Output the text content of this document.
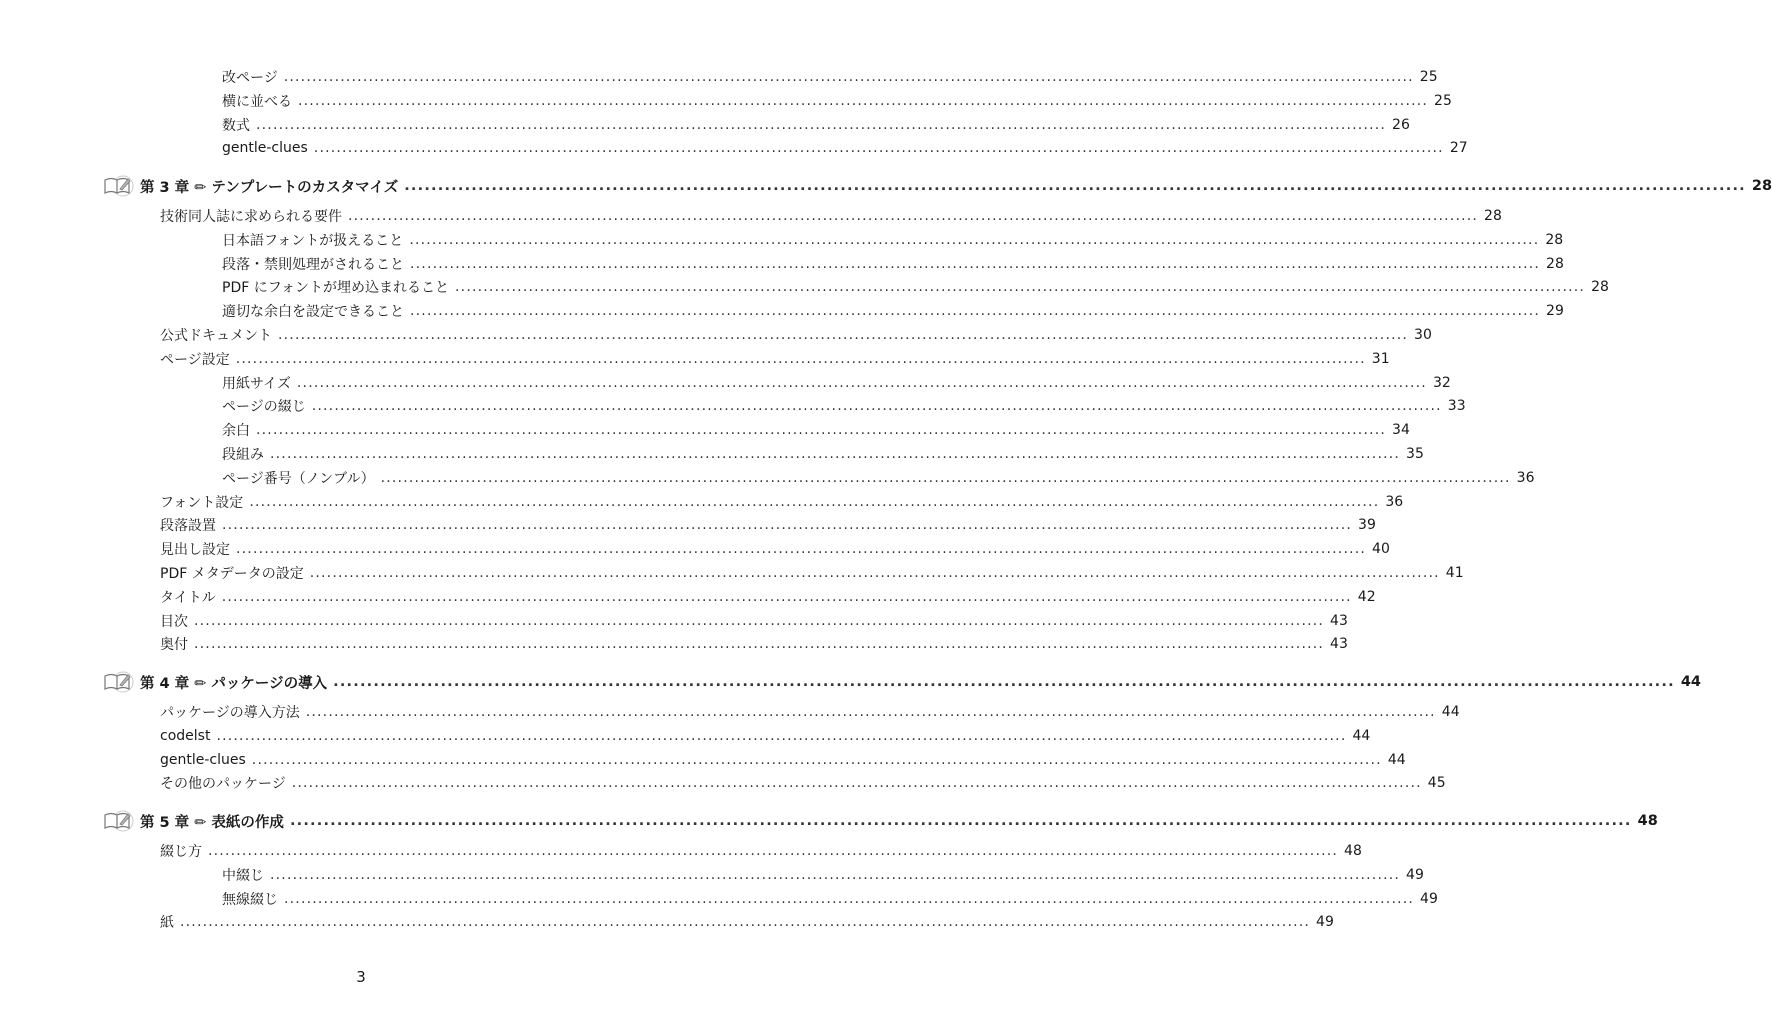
改ページ ........................................................................................................................................................................................................ 25
横に並べる ........................................................................................................................................................................................................ 25
数式 ........................................................................................................................................................................................................ 26
gentle-clues ........................................................................................................................................................................................................ 27
第 3 章 ✏ テンプレートのカスタマイズ ........................................................................................................................................................................................................ 28
技術同人誌に求められる要件 ........................................................................................................................................................................................................ 28
日本語フォントが扱えること ........................................................................................................................................................................................................ 28
段落・禁則処理がされること ........................................................................................................................................................................................................ 28
PDF にフォントが埋め込まれること ........................................................................................................................................................................................................ 28
適切な余白を設定できること ........................................................................................................................................................................................................ 29
公式ドキュメント ........................................................................................................................................................................................................ 30
ページ設定 ........................................................................................................................................................................................................ 31
用紙サイズ ........................................................................................................................................................................................................ 32
ページの綴じ ........................................................................................................................................................................................................ 33
余白 ........................................................................................................................................................................................................ 34
段組み ........................................................................................................................................................................................................ 35
ページ番号（ノンブル） ........................................................................................................................................................................................................ 36
フォント設定 ........................................................................................................................................................................................................ 36
段落設置 ........................................................................................................................................................................................................ 39
見出し設定 ........................................................................................................................................................................................................ 40
PDF メタデータの設定 ........................................................................................................................................................................................................ 41
タイトル ........................................................................................................................................................................................................ 42
目次 ........................................................................................................................................................................................................ 43
奥付 ........................................................................................................................................................................................................ 43
第 4 章 ✏ パッケージの導入 ........................................................................................................................................................................................................ 44
パッケージの導入方法 ........................................................................................................................................................................................................ 44
codelst ........................................................................................................................................................................................................ 44
gentle-clues ........................................................................................................................................................................................................ 44
その他のパッケージ ........................................................................................................................................................................................................ 45
第 5 章 ✏ 表紙の作成 ........................................................................................................................................................................................................ 48
綴じ方 ........................................................................................................................................................................................................ 48
中綴じ ........................................................................................................................................................................................................ 49
無線綴じ ........................................................................................................................................................................................................ 49
紙 ........................................................................................................................................................................................................ 49
3
